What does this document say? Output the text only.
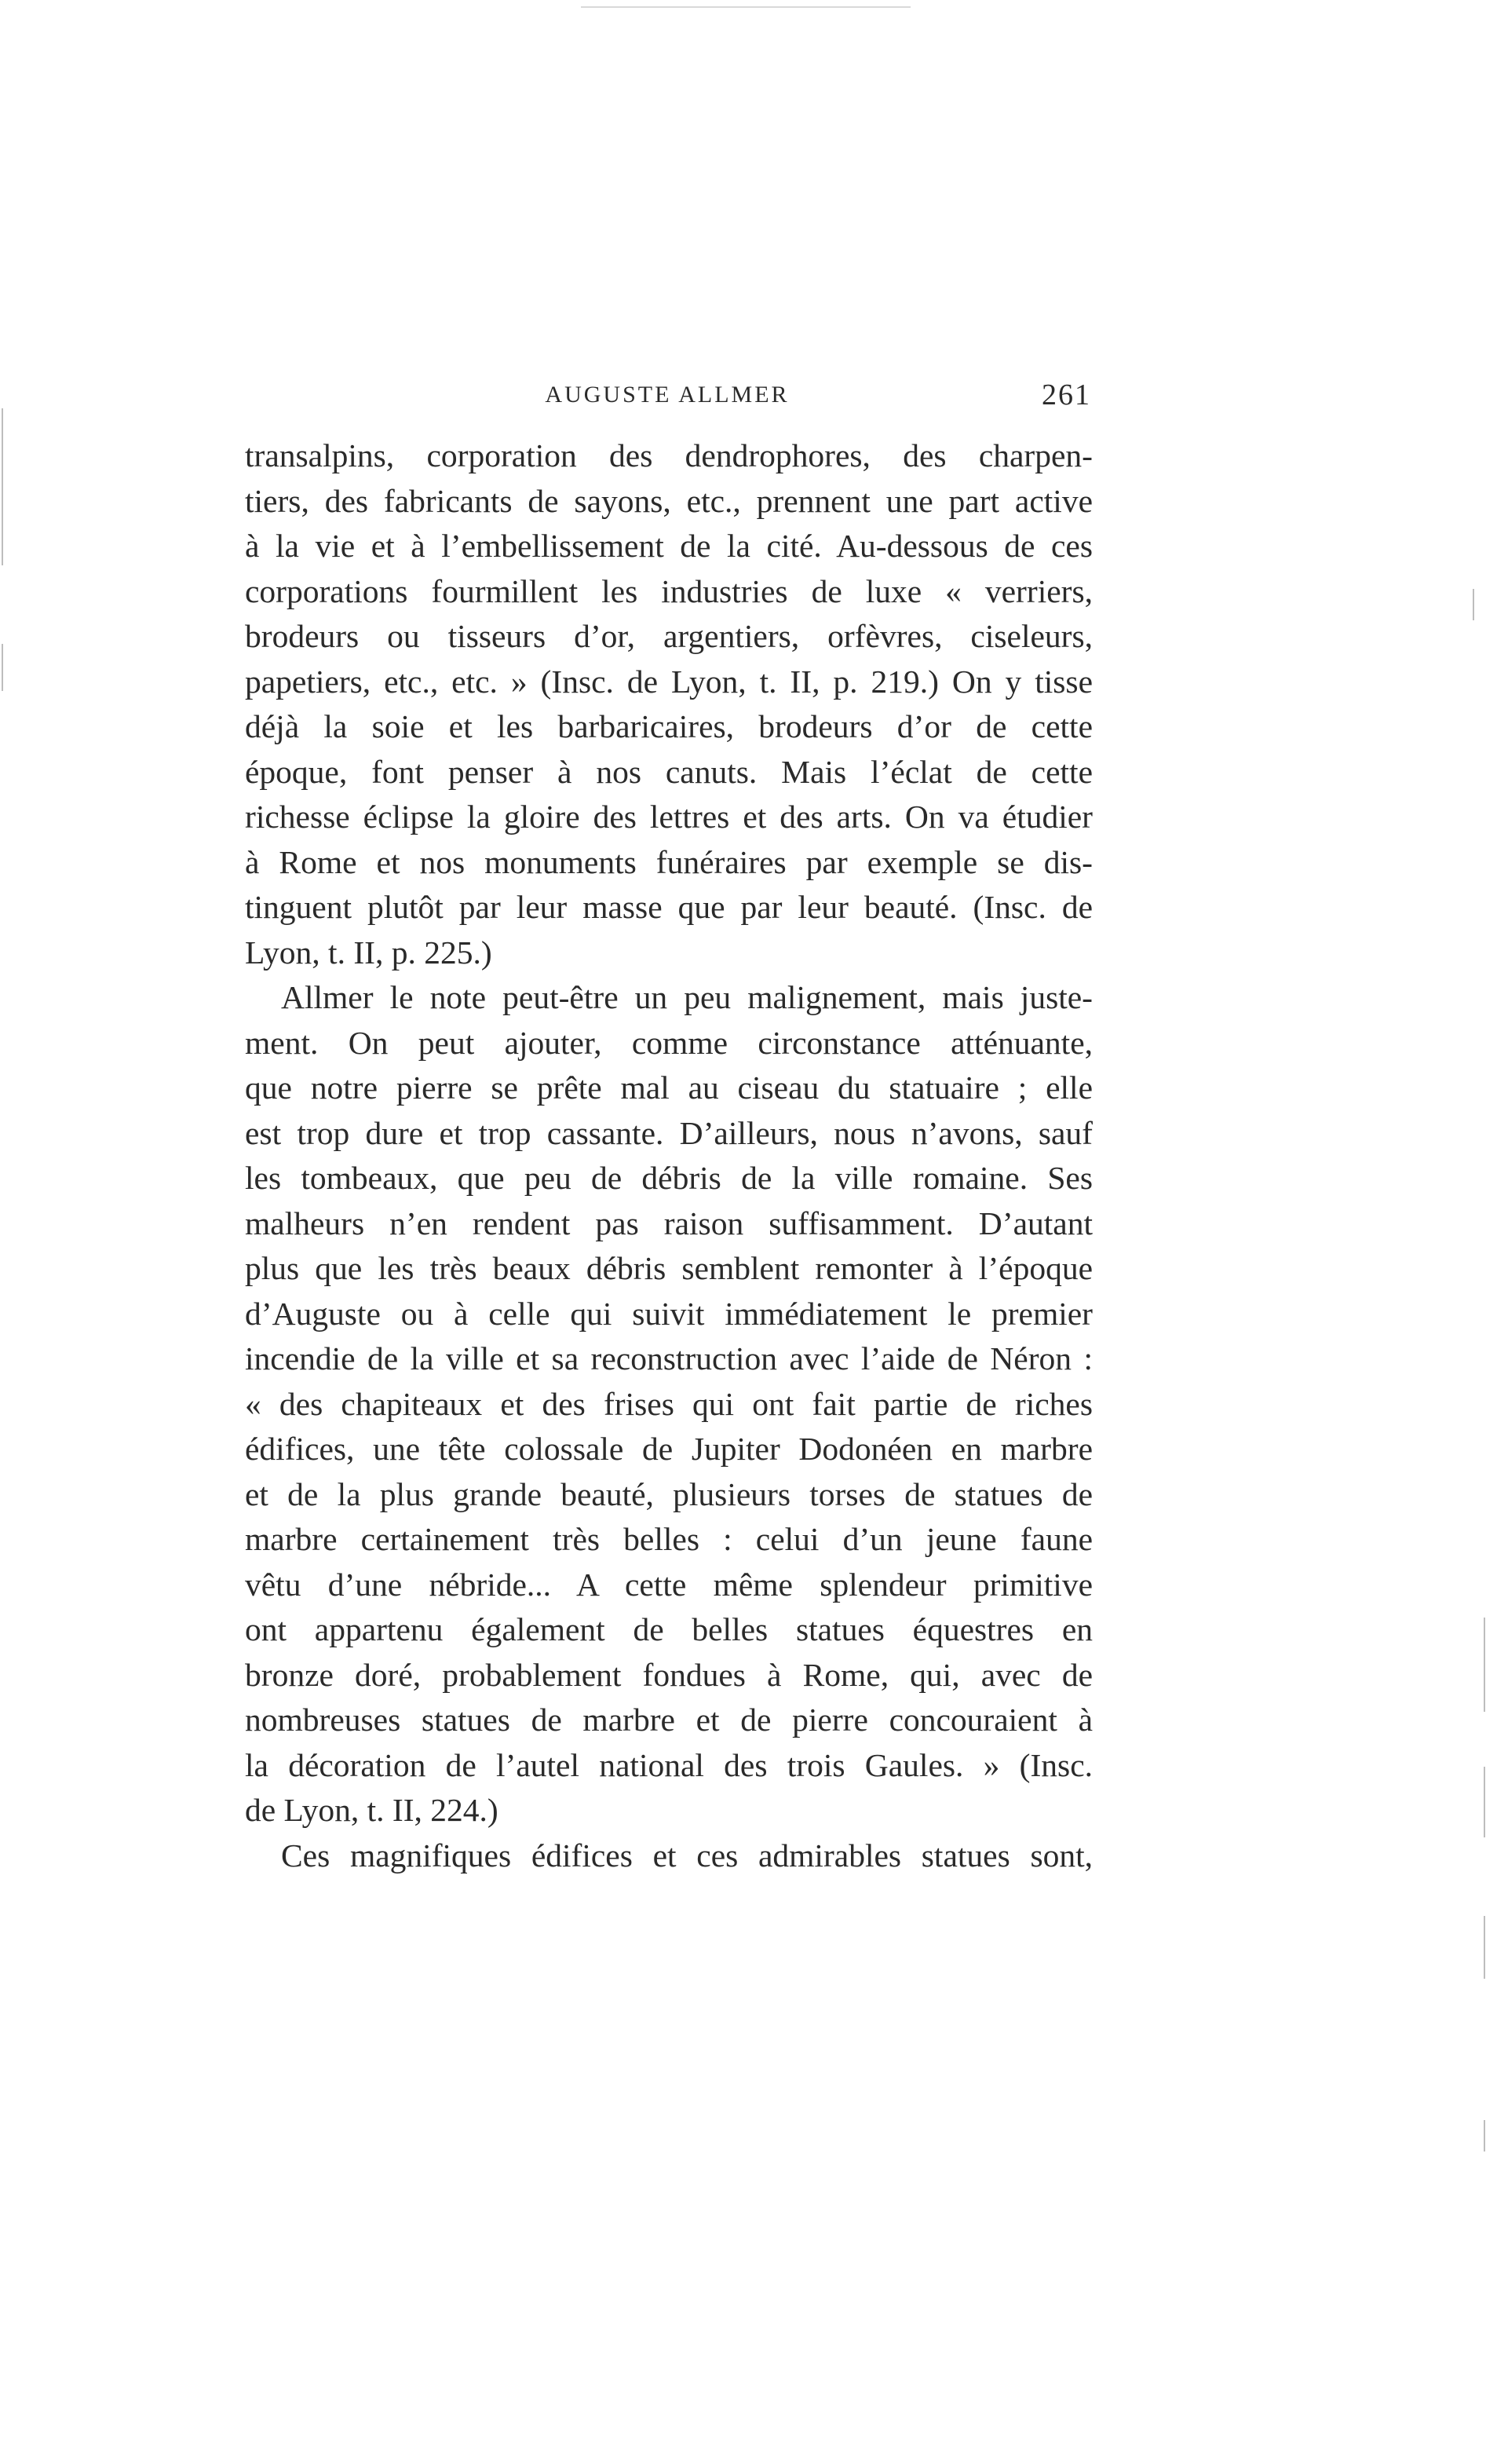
AUGUSTE ALLMER	261
transalpins, corporation des dendrophores, des charpen-
tiers, des fabricants de sayons, etc., prennent une part active
à la vie et à l’embellissement de la cité. Au-dessous de ces
corporations fourmillent les industries de luxe « verriers,
brodeurs ou tisseurs d’or, argentiers, orfèvres, ciseleurs,
papetiers, etc., etc. » (Insc. de Lyon, t. II, p. 219.) On y tisse
déjà la soie et les barbaricaires, brodeurs d’or de cette
époque, font penser à nos canuts. Mais l’éclat de cette
richesse éclipse la gloire des lettres et des arts. On va étudier
à Rome et nos monuments funéraires par exemple se dis-
tinguent plutôt par leur masse que par leur beauté. (Insc. de
Lyon, t. II, p. 225.)
Allmer le note peut-être un peu malignement, mais juste-
ment. On peut ajouter, comme circonstance atténuante,
que notre pierre se prête mal au ciseau du statuaire ; elle
est trop dure et trop cassante. D’ailleurs, nous n’avons, sauf
les tombeaux, que peu de débris de la ville romaine. Ses
malheurs n’en rendent pas raison suffisamment. D’autant
plus que les très beaux débris semblent remonter à l’époque
d’Auguste ou à celle qui suivit immédiatement le premier
incendie de la ville et sa reconstruction avec l’aide de Néron :
« des chapiteaux et des frises qui ont fait partie de riches
édifices, une tête colossale de Jupiter Dodonéen en marbre
et de la plus grande beauté, plusieurs torses de statues de
marbre certainement très belles : celui d’un jeune faune
vêtu d’une nébride... A cette même splendeur primitive
ont appartenu également de belles statues équestres en
bronze doré, probablement fondues à Rome, qui, avec de
nombreuses statues de marbre et de pierre concouraient à
la décoration de l’autel national des trois Gaules. » (Insc.
de Lyon, t. II, 224.)
Ces magnifiques édifices et ces admirables statues sont,
